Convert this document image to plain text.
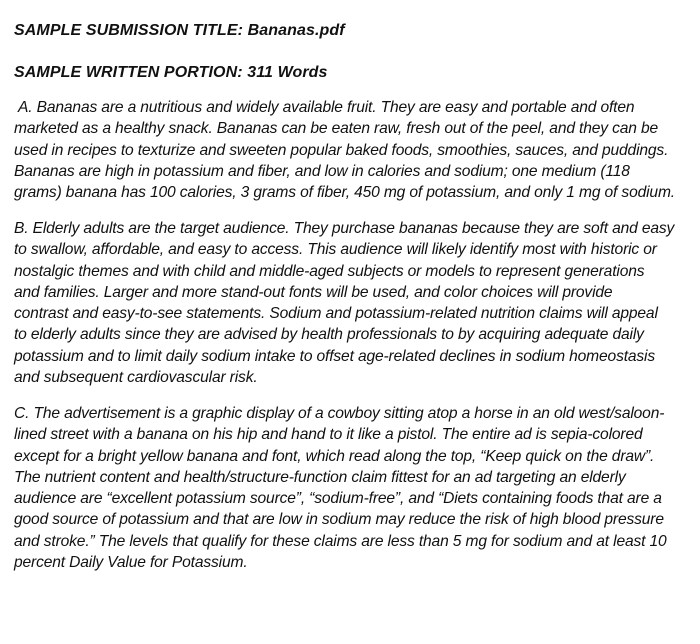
SAMPLE SUBMISSION TITLE: Bananas.pdf
SAMPLE WRITTEN PORTION: 311 Words

A. Bananas are a nutritious and widely available fruit. They are easy and portable and often
marketed as a healthy snack. Bananas can be eaten raw, fresh out of the peel, and they can be
used in recipes to texturize and sweeten popular baked foods, smoothies, sauces, and puddings.
Bananas are high in potassium and fiber, and low in calories and sodium; one medium (118
grams) banana has 100 calories, 3 grams of fiber, 450 mg of potassium, and only 1 mg of sodium.

B. Elderly adults are the target audience. They purchase bananas because they are soft and easy
to swallow, affordable, and easy to access. This audience will likely identify most with historic or
nostalgic themes and with child and middle-aged subjects or models to represent generations
and families. Larger and more stand-out fonts will be used, and color choices will provide
contrast and easy-to-see statements. Sodium and potassium-related nutrition claims will appeal
to elderly adults since they are advised by health professionals to by acquiring adequate daily
potassium and to limit daily sodium intake to offset age-related declines in sodium homeostasis
and subsequent cardiovascular risk.

C. The advertisement is a graphic display of a cowboy sitting atop a horse in an old west/saloon-
lined street with a banana on his hip and hand to it like a pistol. The entire ad is sepia-colored
except for a bright yellow banana and font, which read along the top, “Keep quick on the draw”.
The nutrient content and health/structure-function claim fittest for an ad targeting an elderly
audience are “excellent potassium source”, “sodium-free”, and “Diets containing foods that are a
good source of potassium and that are low in sodium may reduce the risk of high blood pressure
and stroke.” The levels that qualify for these claims are less than 5 mg for sodium and at least 10
percent Daily Value for Potassium.
